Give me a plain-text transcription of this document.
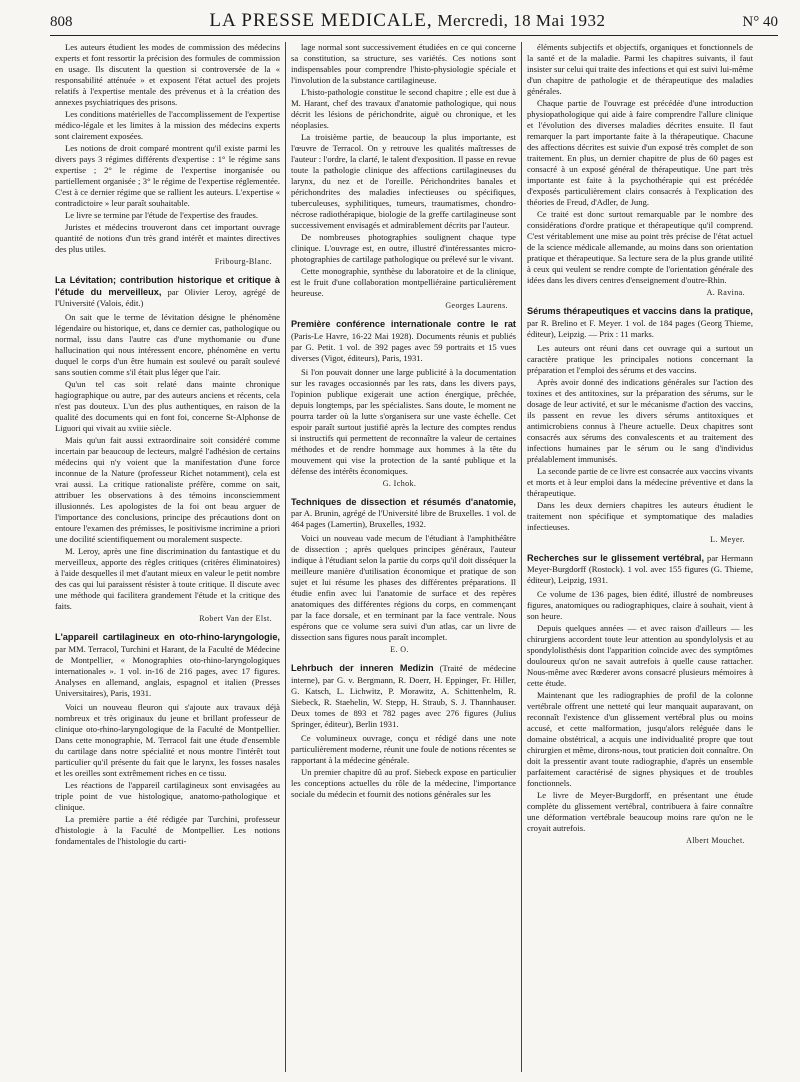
808	LA PRESSE MEDICALE, Mercredi, 18 Mai 1932	N° 40

Les auteurs étudient les modes de commission des médecins experts et font ressortir la précision des formules de commission en usage. Ils discutent la question si controversée de la « responsabilité atténuée » et exposent l'état actuel des projets relatifs à l'expertise mentale des prévenus et à la création des annexes psychiatriques des prisons.

Les conditions matérielles de l'accomplissement de l'expertise médico-légale et les limites à la mission des médecins experts sont clairement exposées.

Les notions de droit comparé montrent qu'il existe parmi les divers pays 3 régimes différents d'expertise : 1° le régime sans expertise ; 2° le régime de l'expertise inorganisée ou partiellement organisée ; 3° le régime de l'expertise réglementée. C'est à ce dernier régime que se rallient les auteurs. L'expertise « contradictoire » leur paraît souhaitable.

Le livre se termine par l'étude de l'expertise des fraudes.

Juristes et médecins trouveront dans cet important ouvrage quantité de notions d'un très grand intérêt et maintes directives des plus utiles.

Fribourg-Blanc.
La Lévitation; contribution historique et critique à l'étude du merveilleux, par Olivier Leroy, agrégé de l'Université (Valois, édit.)

On sait que le terme de lévitation désigne le phénomène légendaire ou historique, et, dans ce dernier cas, pathologique ou normal, issu dans l'autre cas d'une mythomanie ou d'une hallucination qui nous intéressent encore, phénomène en vertu duquel le corps d'un être humain est soulevé ou paraît soulevé sans soutien comme s'il était plus léger que l'air.

Qu'un tel cas soit relaté dans mainte chronique hagiographique ou autre, par des auteurs anciens et récents, cela n'est pas douteux. L'un des plus authentiques, en raison de la qualité des documents qui en font foi, concerne St-Alphonse de Liguori qui vivait au xviiie siècle.

Mais qu'un fait aussi extraordinaire soit considéré comme incertain par beaucoup de lecteurs, malgré l'adhésion de certains médecins qui n'y voient que la manifestation d'une force inconnue de la Nature (professeur Richet notamment), cela est vrai aussi. La critique rationaliste préfère, comme on sait, attribuer les observations à des témoins inconsciemment illusionnés. Les apologistes de la foi ont beau arguer de l'importance des conclusions, principe des précautions dont on entoure l'examen des prémisses, le positivisme incrimine a priori une docilité scientifiquement ou moralement suspecte.

M. Leroy, après une fine discrimination du fantastique et du merveilleux, apporte des règles critiques (critères éliminatoires) à l'aide desquelles il met d'autant mieux en valeur le petit nombre des cas qui lui paraissent résister à toute critique. Il discute avec une méthode qui facilitera grandement l'étude et la critique des faits.

Robert Van der Elst.
L'appareil cartilagineux en oto-rhino-laryngologie, par MM. Terracol, Turchini et Harant, de la Faculté de Médecine de Montpellier, « Monographies oto-rhino-laryngologiques internationales ». 1 vol. in-16 de 216 pages, avec 17 figures. Analyses en allemand, anglais, espagnol et italien (Presses Universitaires), Paris, 1931.

Voici un nouveau fleuron qui s'ajoute aux travaux déjà nombreux et très originaux du jeune et brillant professeur de clinique oto-rhino-laryngologique de la Faculté de Montpellier. Dans cette monographie, M. Terracol fait une étude d'ensemble du cartilage dans notre spécialité et nous montre l'intérêt tout particulier qu'il présente du fait que le larynx, les fosses nasales et les oreilles sont extrêmement riches en ce tissu.

Les réactions de l'appareil cartilagineux sont envisagées au triple point de vue histologique, anatomo-pathologique et clinique.

La première partie a été rédigée par Turchini, professeur d'histologie à la Faculté de Montpellier. Les notions fondamentales de l'histologie du carti-

lage normal sont successivement étudiées en ce qui concerne sa constitution, sa structure, ses variétés. Ces notions sont indispensables pour comprendre l'histo-physiologie spéciale et l'involution de la substance cartilagineuse.

L'histo-pathologie constitue le second chapitre ; elle est due à M. Harant, chef des travaux d'anatomie pathologique, qui nous décrit les lésions de périchondrite, aiguë ou chronique, et les néoplasies.

La troisième partie, de beaucoup la plus importante, est l'œuvre de Terracol. On y retrouve les qualités maîtresses de l'auteur : l'ordre, la clarté, le talent d'exposition. Il passe en revue toute la pathologie clinique des affections cartilagineuses du larynx, du nez et de l'oreille. Périchondrites banales et périchondrites des maladies infectieuses ou spécifiques, tuberculeuses, syphilitiques, tumeurs, traumatismes, chondro-nécrose radiothérapique, biologie de la greffe cartilagineuse sont successivement envisagés et admirablement décrits par l'auteur.

De nombreuses photographies soulignent chaque type clinique. L'ouvrage est, en outre, illustré d'intéressantes micro-photographies de cartilage pathologique ou prélevé sur le vivant.

Cette monographie, synthèse du laboratoire et de la clinique, est le fruit d'une collaboration montpelliéraine particulièrement heureuse.

Georges Laurens.
Première conférence internationale contre le rat (Paris-Le Havre, 16-22 Mai 1928). Documents réunis et publiés par G. Petit. 1 vol. de 392 pages avec 59 portraits et 15 vues diverses (Vigot, éditeurs), Paris, 1931.

Si l'on pouvait donner une large publicité à la documentation sur les ravages occasionnés par les rats, dans les divers pays, l'opinion publique exigerait une action énergique, prêchée, depuis longtemps, par les spécialistes. Sans doute, le moment ne pourra tarder où la lutte s'organisera sur une vaste échelle. Cet espoir paraît surtout justifié après la lecture des comptes rendus si instructifs qui permettent de reconnaître la valeur de certaines méthodes et de rendre hommage aux hommes à la tête du mouvement qui vise la protection de la santé publique et la défense des intérêts économiques.

G. Ichok.
Techniques de dissection et résumés d'anatomie, par A. Brunin, agrégé de l'Université libre de Bruxelles. 1 vol. de 464 pages (Lamertin), Bruxelles, 1932.

Voici un nouveau vade mecum de l'étudiant à l'amphithéâtre de dissection ; après quelques principes généraux, l'auteur indique à l'étudiant selon la partie du corps qu'il doit disséquer la meilleure manière d'utilisation économique et pratique de son sujet et lui résume les phases des différentes préparations. Il étudie enfin avec lui l'anatomie de surface et des repères anatomiques des différentes régions du corps, en commençant par la face dorsale, et en terminant par la face ventrale. Nous espérons que ce volume sera suivi d'un atlas, car un livre de dissection sans figures nous paraît incomplet.

E. O.
Lehrbuch der inneren Medizin (Traité de médecine interne), par G. v. Bergmann, R. Doerr, H. Eppinger, Fr. Hiller, G. Katsch, L. Lichwitz, P. Morawitz, A. Schittenhelm, R. Siebeck, R. Staehelin, W. Stepp, H. Straub, S. J. Thannhauser. Deux tomes de 893 et 782 pages avec 276 figures (Julius Springer, éditeur), Berlin 1931.

Ce volumineux ouvrage, conçu et rédigé dans une note particulièrement moderne, réunit une foule de notions récentes se rapportant à la médecine générale.

Un premier chapitre dû au prof. Siebeck expose en particulier les conceptions actuelles du rôle de la médecine, l'importance sociale du médecin et fournit des notions générales sur les

éléments subjectifs et objectifs, organiques et fonctionnels de la santé et de la maladie. Parmi les chapitres suivants, il faut insister sur celui qui traite des infections et qui est suivi lui-même d'un chapitre de pathologie et de thérapeutique des maladies générales.

Chaque partie de l'ouvrage est précédée d'une introduction physiopathologique qui aide à faire comprendre l'allure clinique et l'évolution des diverses maladies décrites ensuite. Il faut remarquer la part importante faite à la thérapeutique. Chacune des affections décrites est suivie d'un exposé très complet de son traitement. En plus, un dernier chapitre de plus de 60 pages est consacré à un exposé général de thérapeutique. Une part très importante est faite à la psychothérapie qui est précédée d'exposés particulièrement clairs consacrés à l'explication des théories de Freud, d'Adler, de Jung.

Ce traité est donc surtout remarquable par le nombre des considérations d'ordre pratique et thérapeutique qu'il comprend. C'est véritablement une mise au point très précise de l'état actuel de la science médicale allemande, au moins dans son orientation pratique et thérapeutique. Sa lecture sera de la plus grande utilité à ceux qui veulent se rendre compte de l'orientation générale des idées dans les divers centres d'enseignement d'outre-Rhin.

A. Ravina.
Sérums thérapeutiques et vaccins dans la pratique, par R. Brelino et F. Meyer. 1 vol. de 184 pages (Georg Thieme, éditeur), Leipzig. — Prix : 11 marks.

Les auteurs ont réuni dans cet ouvrage qui a surtout un caractère pratique les principales notions concernant la préparation et l'emploi des sérums et des vaccins.

Après avoir donné des indications générales sur l'action des toxines et des antitoxines, sur la préparation des sérums, sur le dosage de leur activité, et sur le mécanisme d'action des vaccins, ils passent en revue les divers sérums antitoxiques et antimicrobiens connus à l'heure actuelle. Deux chapitres sont consacrés aux sérums des convalescents et au traitement des infections humaines par le sérum ou le sang d'individus préalablement immunisés.

La seconde partie de ce livre est consacrée aux vaccins vivants et morts et à leur emploi dans la médecine préventive et dans la thérapeutique.

Dans les deux derniers chapitres les auteurs étudient le traitement non spécifique et symptomatique des maladies infectieuses.

L. Meyer.
Recherches sur le glissement vertébral, par Hermann Meyer-Burgdorff (Rostock). 1 vol. avec 155 figures (G. Thieme, éditeur), Leipzig, 1931.

Ce volume de 136 pages, bien édité, illustré de nombreuses figures, anatomiques ou radiographiques, claire à souhait, vient à son heure.

Depuis quelques années — et avec raison d'ailleurs — les chirurgiens accordent toute leur attention au spondylolysis et au spondylolisthésis dont l'apparition coïncide avec des symptômes douloureux qu'on ne savait autrefois à quelle cause rattacher. Nous-même avec Rœderer avons consacré plusieurs mémoires à cette étude.

Maintenant que les radiographies de profil de la colonne vertébrale offrent une netteté qui leur manquait auparavant, on reconnaît l'existence d'un glissement vertébral plus ou moins accusé, et cette malformation, jusqu'alors reléguée dans le domaine obstétrical, a acquis une individualité propre que tout chirurgien et même, dirons-nous, tout praticien doit connaître. On doit la pressentir avant toute radiographie, d'après un ensemble parfaitement caractérisé de signes physiques et de troubles fonctionnels.

Le livre de Meyer-Burgdorff, en présentant une étude complète du glissement vertébral, contribuera à faire connaître une déformation vertébrale beaucoup moins rare qu'on ne le croyait autrefois.

Albert Mouchet.
